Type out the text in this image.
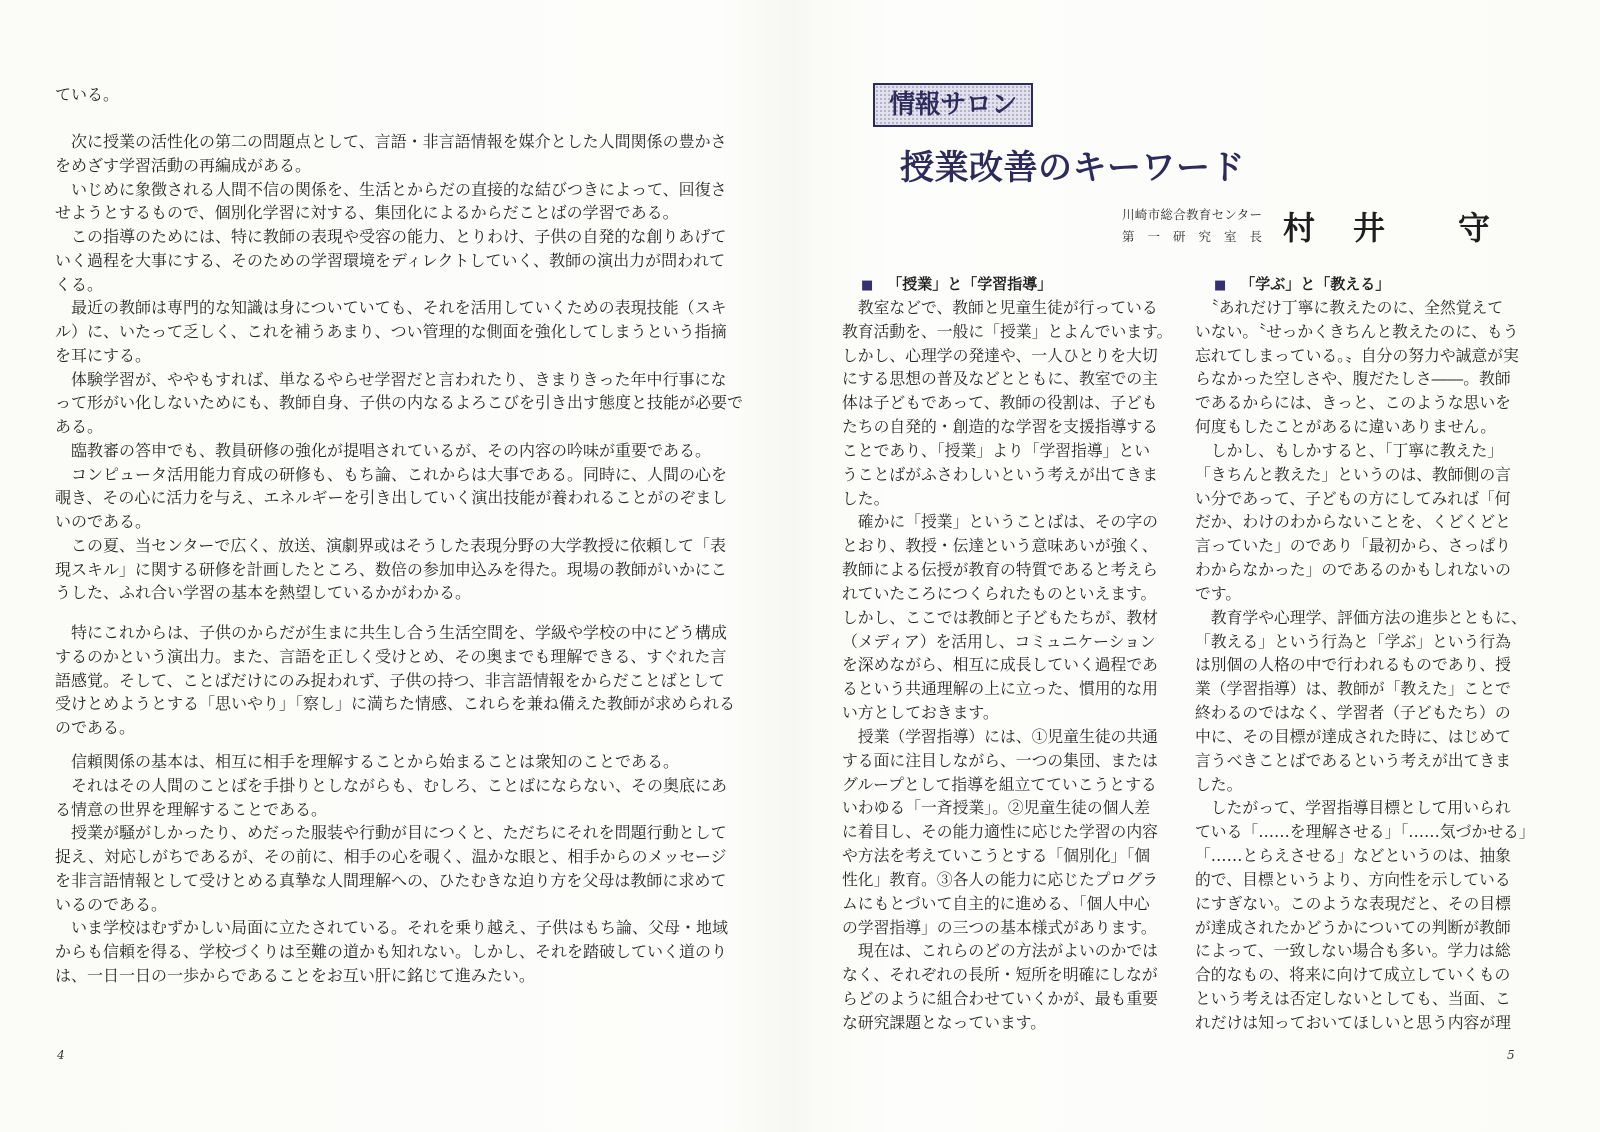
ている。
　次に授業の活性化の第二の問題点として、言語・非言語情報を媒介とした人間関係の豊かさ
をめざす学習活動の再編成がある。
　いじめに象徴される人間不信の関係を、生活とからだの直接的な結びつきによって、回復さ
せようとするもので、個別化学習に対する、集団化によるからだことばの学習である。
　この指導のためには、特に教師の表現や受容の能力、とりわけ、子供の自発的な創りあげて
いく過程を大事にする、そのための学習環境をディレクトしていく、教師の演出力が問われて
くる。
　最近の教師は専門的な知識は身についていても、それを活用していくための表現技能（スキ
ル）に、いたって乏しく、これを補うあまり、つい管理的な側面を強化してしまうという指摘
を耳にする。
　体験学習が、ややもすれば、単なるやらせ学習だと言われたり、きまりきった年中行事にな
って形がい化しないためにも、教師自身、子供の内なるよろこびを引き出す態度と技能が必要で
ある。
　臨教審の答申でも、教員研修の強化が提唱されているが、その内容の吟味が重要である。
　コンピュータ活用能力育成の研修も、もち論、これからは大事である。同時に、人間の心を
覗き、その心に活力を与え、エネルギーを引き出していく演出技能が養われることがのぞまし
いのである。
　この夏、当センターで広く、放送、演劇界或はそうした表現分野の大学教授に依頼して「表
現スキル」に関する研修を計画したところ、数倍の参加申込みを得た。現場の教師がいかにこ
うした、ふれ合い学習の基本を熱望しているかがわかる。
　特にこれからは、子供のからだが生まに共生し合う生活空間を、学級や学校の中にどう構成
するのかという演出力。また、言語を正しく受けとめ、その奥までも理解できる、すぐれた言
語感覚。そして、ことばだけにのみ捉われず、子供の持つ、非言語情報をからだことばとして
受けとめようとする「思いやり」「察し」に満ちた情感、これらを兼ね備えた教師が求められる
のである。
　信頼関係の基本は、相互に相手を理解することから始まることは衆知のことである。
　それはその人間のことばを手掛りとしながらも、むしろ、ことばにならない、その奥底にあ
る情意の世界を理解することである。
　授業が騒がしかったり、めだった服装や行動が目につくと、ただちにそれを問題行動として
捉え、対応しがちであるが、その前に、相手の心を覗く、温かな眼と、相手からのメッセージ
を非言語情報として受けとめる真摯な人間理解への、ひたむきな迫り方を父母は教師に求めて
いるのである。
　いま学校はむずかしい局面に立たされている。それを乗り越え、子供はもち論、父母・地域
からも信頼を得る、学校づくりは至難の道かも知れない。しかし、それを踏破していく道のり
は、一日一日の一歩からであることをお互い肝に銘じて進みたい。
4
情報サロン
授業改善のキーワード
川崎市総合教育センター
第一研究室長 村　井　　守
■ 「授業」と「学習指導」
　教室などで、教師と児童生徒が行っている
教育活動を、一般に「授業」とよんでいます。
しかし、心理学の発達や、一人ひとりを大切
にする思想の普及などとともに、教室での主
体は子どもであって、教師の役割は、子ども
たちの自発的・創造的な学習を支援指導する
ことであり、「授業」より「学習指導」とい
うことばがふさわしいという考えが出てきま
した。
　確かに「授業」ということばは、その字の
とおり、教授・伝達という意味あいが強く、
教師による伝授が教育の特質であると考えら
れていたころにつくられたものといえます。
しかし、ここでは教師と子どもたちが、教材
（メディア）を活用し、コミュニケーション
を深めながら、相互に成長していく過程であ
るという共通理解の上に立った、慣用的な用
い方としておきます。
　授業（学習指導）には、①児童生徒の共通
する面に注目しながら、一つの集団、または
グループとして指導を組立てていこうとする
いわゆる「一斉授業」。②児童生徒の個人差
に着目し、その能力適性に応じた学習の内容
や方法を考えていこうとする「個別化」「個
性化」教育。③各人の能力に応じたプログラ
ムにもとづいて自主的に進める、「個人中心
の学習指導」の三つの基本様式があります。
　現在は、これらのどの方法がよいのかでは
なく、それぞれの長所・短所を明確にしなが
らどのように組合わせていくかが、最も重要
な研究課題となっています。
■ 「学ぶ」と「教える」
　〝あれだけ丁寧に教えたのに、全然覚えて
いない。〝せっかくきちんと教えたのに、もう
忘れてしまっている。〟自分の努力や誠意が実
らなかった空しさや、腹だたしさ――。教師
であるからには、きっと、このような思いを
何度もしたことがあるに違いありません。
　しかし、もしかすると、「丁寧に教えた」
「きちんと教えた」というのは、教師側の言
い分であって、子どもの方にしてみれば「何
だか、わけのわからないことを、くどくどと
言っていた」のであり「最初から、さっぱり
わからなかった」のであるのかもしれないの
です。
　教育学や心理学、評価方法の進歩とともに、
「教える」という行為と「学ぶ」という行為
は別個の人格の中で行われるものであり、授
業（学習指導）は、教師が「教えた」ことで
終わるのではなく、学習者（子どもたち）の
中に、その目標が達成された時に、はじめて
言うべきことばであるという考えが出てきま
した。
　したがって、学習指導目標として用いられ
ている「……を理解させる」「……気づかせる」
「……とらえさせる」などというのは、抽象
的で、目標というより、方向性を示している
にすぎない。このような表現だと、その目標
が達成されたかどうかについての判断が教師
によって、一致しない場合も多い。学力は総
合的なもの、将来に向けて成立していくもの
という考えは否定しないとしても、当面、こ
れだけは知っておいてほしいと思う内容が理
5
